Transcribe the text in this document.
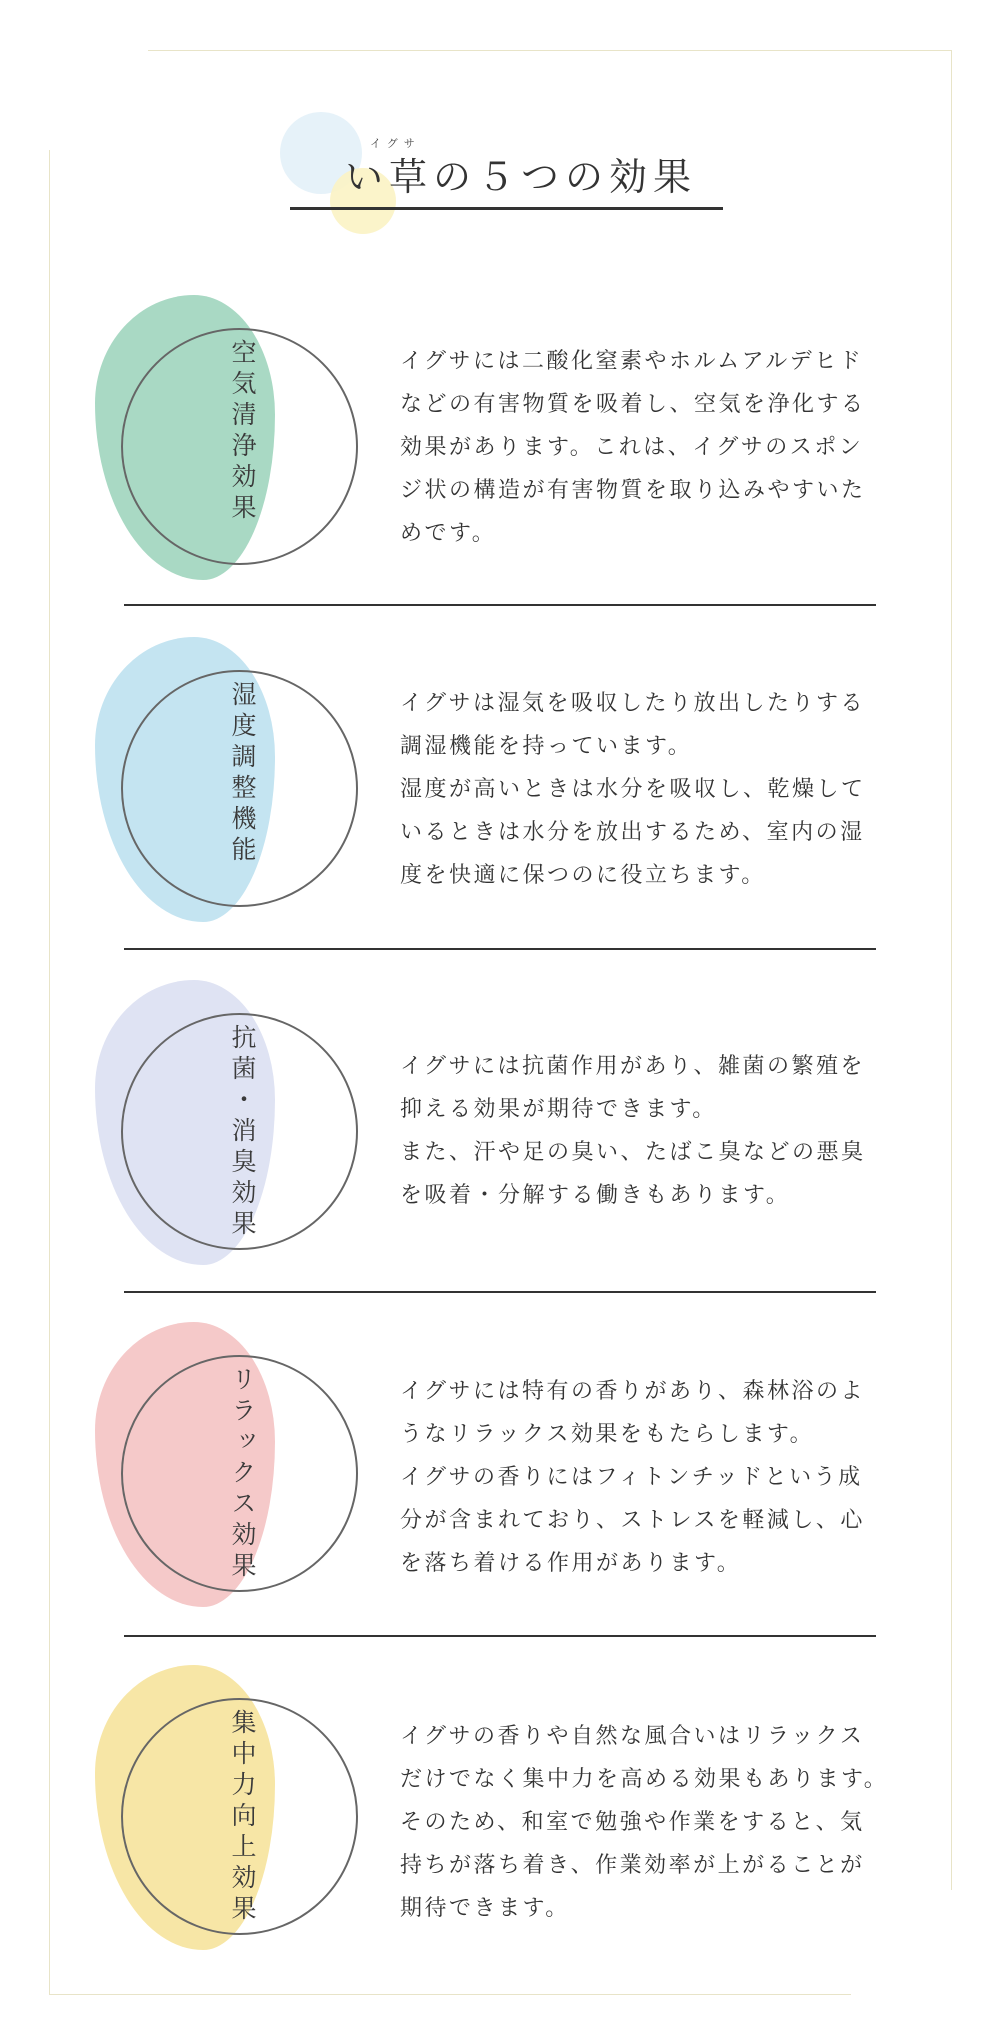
イグサ
い草の５つの効果
空気清浄効果	イグサには二酸化窒素やホルムアルデヒド
などの有害物質を吸着し、空気を浄化する
効果があります。これは、イグサのスポン
ジ状の構造が有害物質を取り込みやすいた
めです。

湿度調整機能	イグサは湿気を吸収したり放出したりする
調湿機能を持っています。
湿度が高いときは水分を吸収し、乾燥して
いるときは水分を放出するため、室内の湿
度を快適に保つのに役立ちます。

抗菌・消臭効果	イグサには抗菌作用があり、雑菌の繁殖を
抑える効果が期待できます。
また、汗や足の臭い、たばこ臭などの悪臭
を吸着・分解する働きもあります。

リラックス効果	イグサには特有の香りがあり、森林浴のよ
うなリラックス効果をもたらします。
イグサの香りにはフィトンチッドという成
分が含まれており、ストレスを軽減し、心
を落ち着ける作用があります。

集中力向上効果	イグサの香りや自然な風合いはリラックス
だけでなく集中力を高める効果もあります。
そのため、和室で勉強や作業をすると、気
持ちが落ち着き、作業効率が上がることが
期待できます。
